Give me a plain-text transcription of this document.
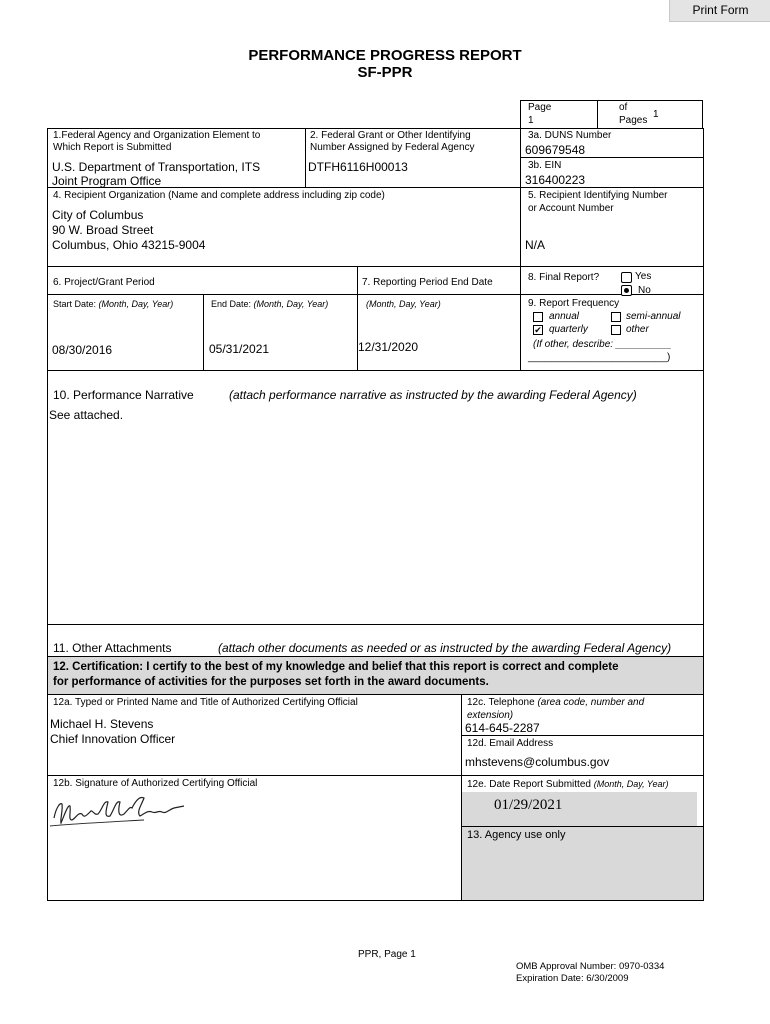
Print Form
PERFORMANCE PROGRESS REPORT
SF-PPR
Page
1
of
Pages
1
1.Federal Agency and Organization Element to
Which Report is Submitted
U.S. Department of Transportation, ITS
Joint Program Office
2. Federal Grant or Other Identifying
Number Assigned by Federal Agency
DTFH6116H00013
3a. DUNS Number
609679548
3b. EIN
316400223
4. Recipient Organization (Name and complete address including zip code)
City of Columbus
90 W. Broad Street
Columbus, Ohio 43215-9004
5. Recipient Identifying Number
or Account Number
N/A
6. Project/Grant Period
Start Date: (Month, Day, Year)	End Date: (Month, Day, Year)
08/30/2016	05/31/2021
7. Reporting Period End Date
(Month, Day, Year)
12/31/2020
8. Final Report?	Yes
No
9. Report Frequency
annual	semi-annual
✔ quarterly	other
(If other, describe: __________
_________________________)
10. Performance Narrative	(attach performance narrative as instructed by the awarding Federal Agency)
See attached.
11. Other Attachments	(attach other documents as needed or as instructed by the awarding Federal Agency)
12. Certification: I certify to the best of my knowledge and belief that this report is correct and complete
for performance of activities for the purposes set forth in the award documents.
12a. Typed or Printed Name and Title of Authorized Certifying Official
Michael H. Stevens
Chief Innovation Officer
12c. Telephone (area code, number and
extension)
614-645-2287
12d. Email Address
mhstevens@columbus.gov
12b. Signature of Authorized Certifying Official	12e. Date Report Submitted (Month, Day, Year)
01/29/2021
13. Agency use only
PPR, Page 1
OMB Approval Number: 0970-0334
Expiration Date: 6/30/2009
